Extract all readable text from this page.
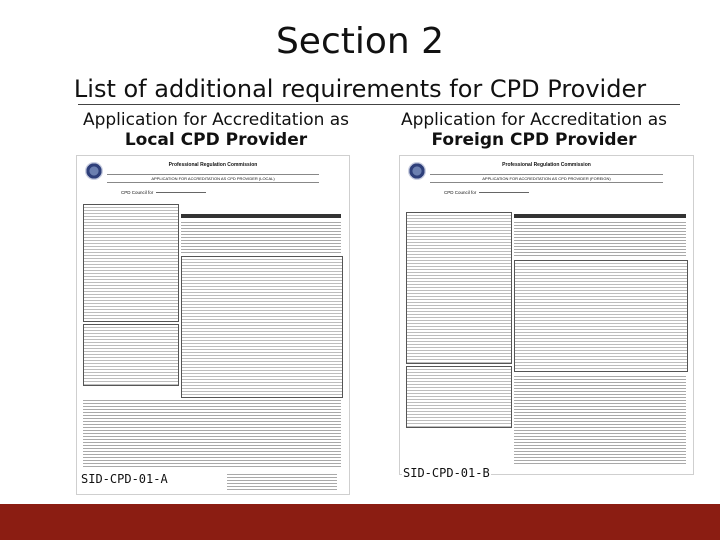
Section 2
List of additional requirements for CPD Provider
Application for Accreditation as
Local CPD Provider
Application for Accreditation as
Foreign CPD Provider
Professional Regulation Commission
APPLICATION FOR ACCREDITATION AS CPD PROVIDER (LOCAL)
CPD Council for
SID-CPD-01-A
Professional Regulation Commission
APPLICATION FOR ACCREDITATION AS CPD PROVIDER (FOREIGN)
CPD Council for
SID-CPD-01-B
